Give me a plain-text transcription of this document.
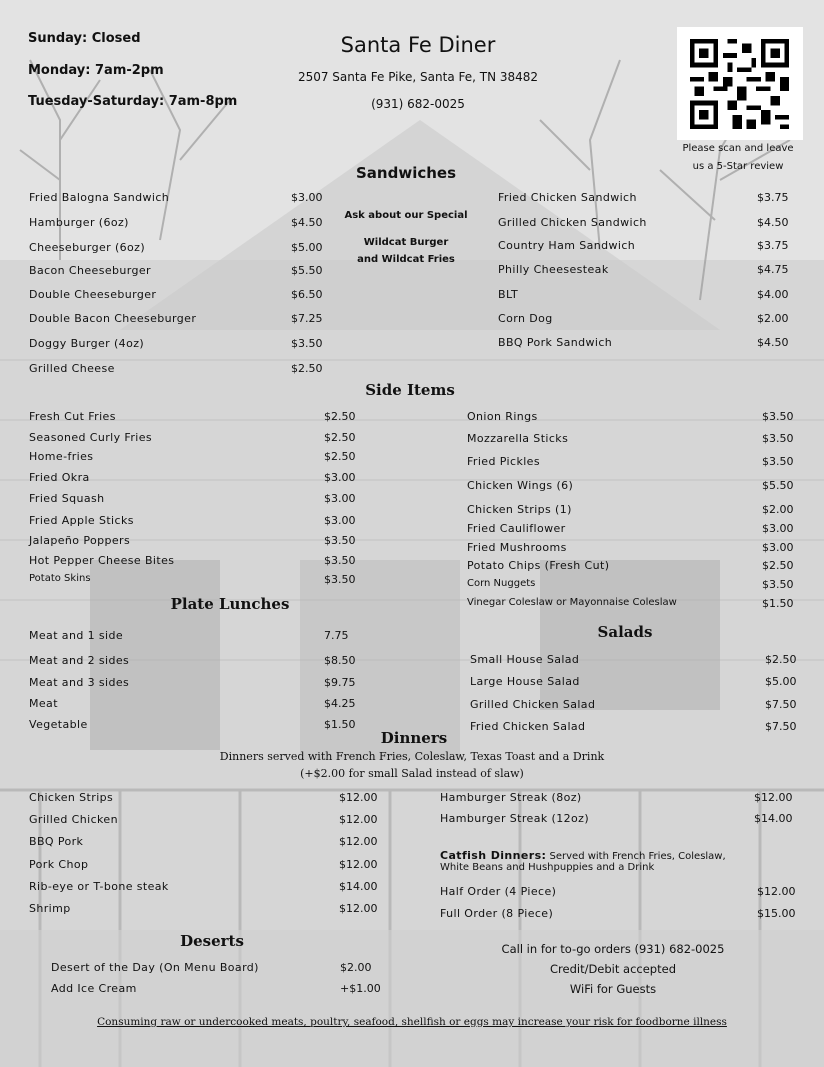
Sunday: Closed
Monday: 7am-2pm
Tuesday-Saturday: 7am-8pm
Santa Fe Diner
2507 Santa Fe Pike, Santa Fe, TN 38482
(931) 682-0025
Please scan and leave
us a 5-Star review
Sandwiches
Ask about our Special
Wildcat Burger
and Wildcat Fries
Fried Balogna Sandwich	$3.00
Hamburger (6oz)	$4.50
Cheeseburger (6oz)	$5.00
Bacon Cheeseburger	$5.50
Double Cheeseburger	$6.50
Double Bacon Cheeseburger	$7.25
Doggy Burger (4oz)	$3.50
Grilled Cheese	$2.50
Fried Chicken Sandwich	$3.75
Grilled Chicken Sandwich	$4.50
Country Ham Sandwich	$3.75
Philly Cheesesteak	$4.75
BLT	$4.00
Corn Dog	$2.00
BBQ Pork Sandwich	$4.50
Side Items
Fresh Cut Fries	$2.50
Seasoned Curly Fries	$2.50
Home-fries	$2.50
Fried Okra	$3.00
Fried Squash	$3.00
Fried Apple Sticks	$3.00
Jalapeño Poppers	$3.50
Hot Pepper Cheese Bites	$3.50
Potato Skins	$3.50
Onion Rings	$3.50
Mozzarella Sticks	$3.50
Fried Pickles	$3.50
Chicken Wings (6)	$5.50
Chicken Strips (1)	$2.00
Fried Cauliflower	$3.00
Fried Mushrooms	$3.00
Potato Chips (Fresh Cut)	$2.50
Corn Nuggets	$3.50
Vinegar Coleslaw or Mayonnaise Coleslaw	$1.50
Plate Lunches
Meat and 1 side	7.75
Meat and 2 sides	$8.50
Meat and 3 sides	$9.75
Meat	$4.25
Vegetable	$1.50
Salads
Small House Salad	$2.50
Large House Salad	$5.00
Grilled Chicken Salad	$7.50
Fried Chicken Salad	$7.50
Dinners
Dinners served with French Fries, Coleslaw, Texas Toast and a Drink
(+$2.00 for small Salad instead of slaw)
Chicken Strips	$12.00
Grilled Chicken	$12.00
BBQ Pork	$12.00
Pork Chop	$12.00
Rib-eye or T-bone steak	$14.00
Shrimp	$12.00
Hamburger Streak (8oz)	$12.00
Hamburger Streak (12oz)	$14.00
Catfish Dinners: Served with French Fries, Coleslaw,
White Beans and Hushpuppies and a Drink
Half Order (4 Piece)	$12.00
Full Order (8 Piece)	$15.00
Deserts
Desert of the Day (On Menu Board)	$2.00
Add Ice Cream	+$1.00
Call in for to-go orders (931) 682-0025
Credit/Debit accepted
WiFi for Guests
Consuming raw or undercooked meats, poultry, seafood, shellfish or eggs may increase your risk for foodborne illness
